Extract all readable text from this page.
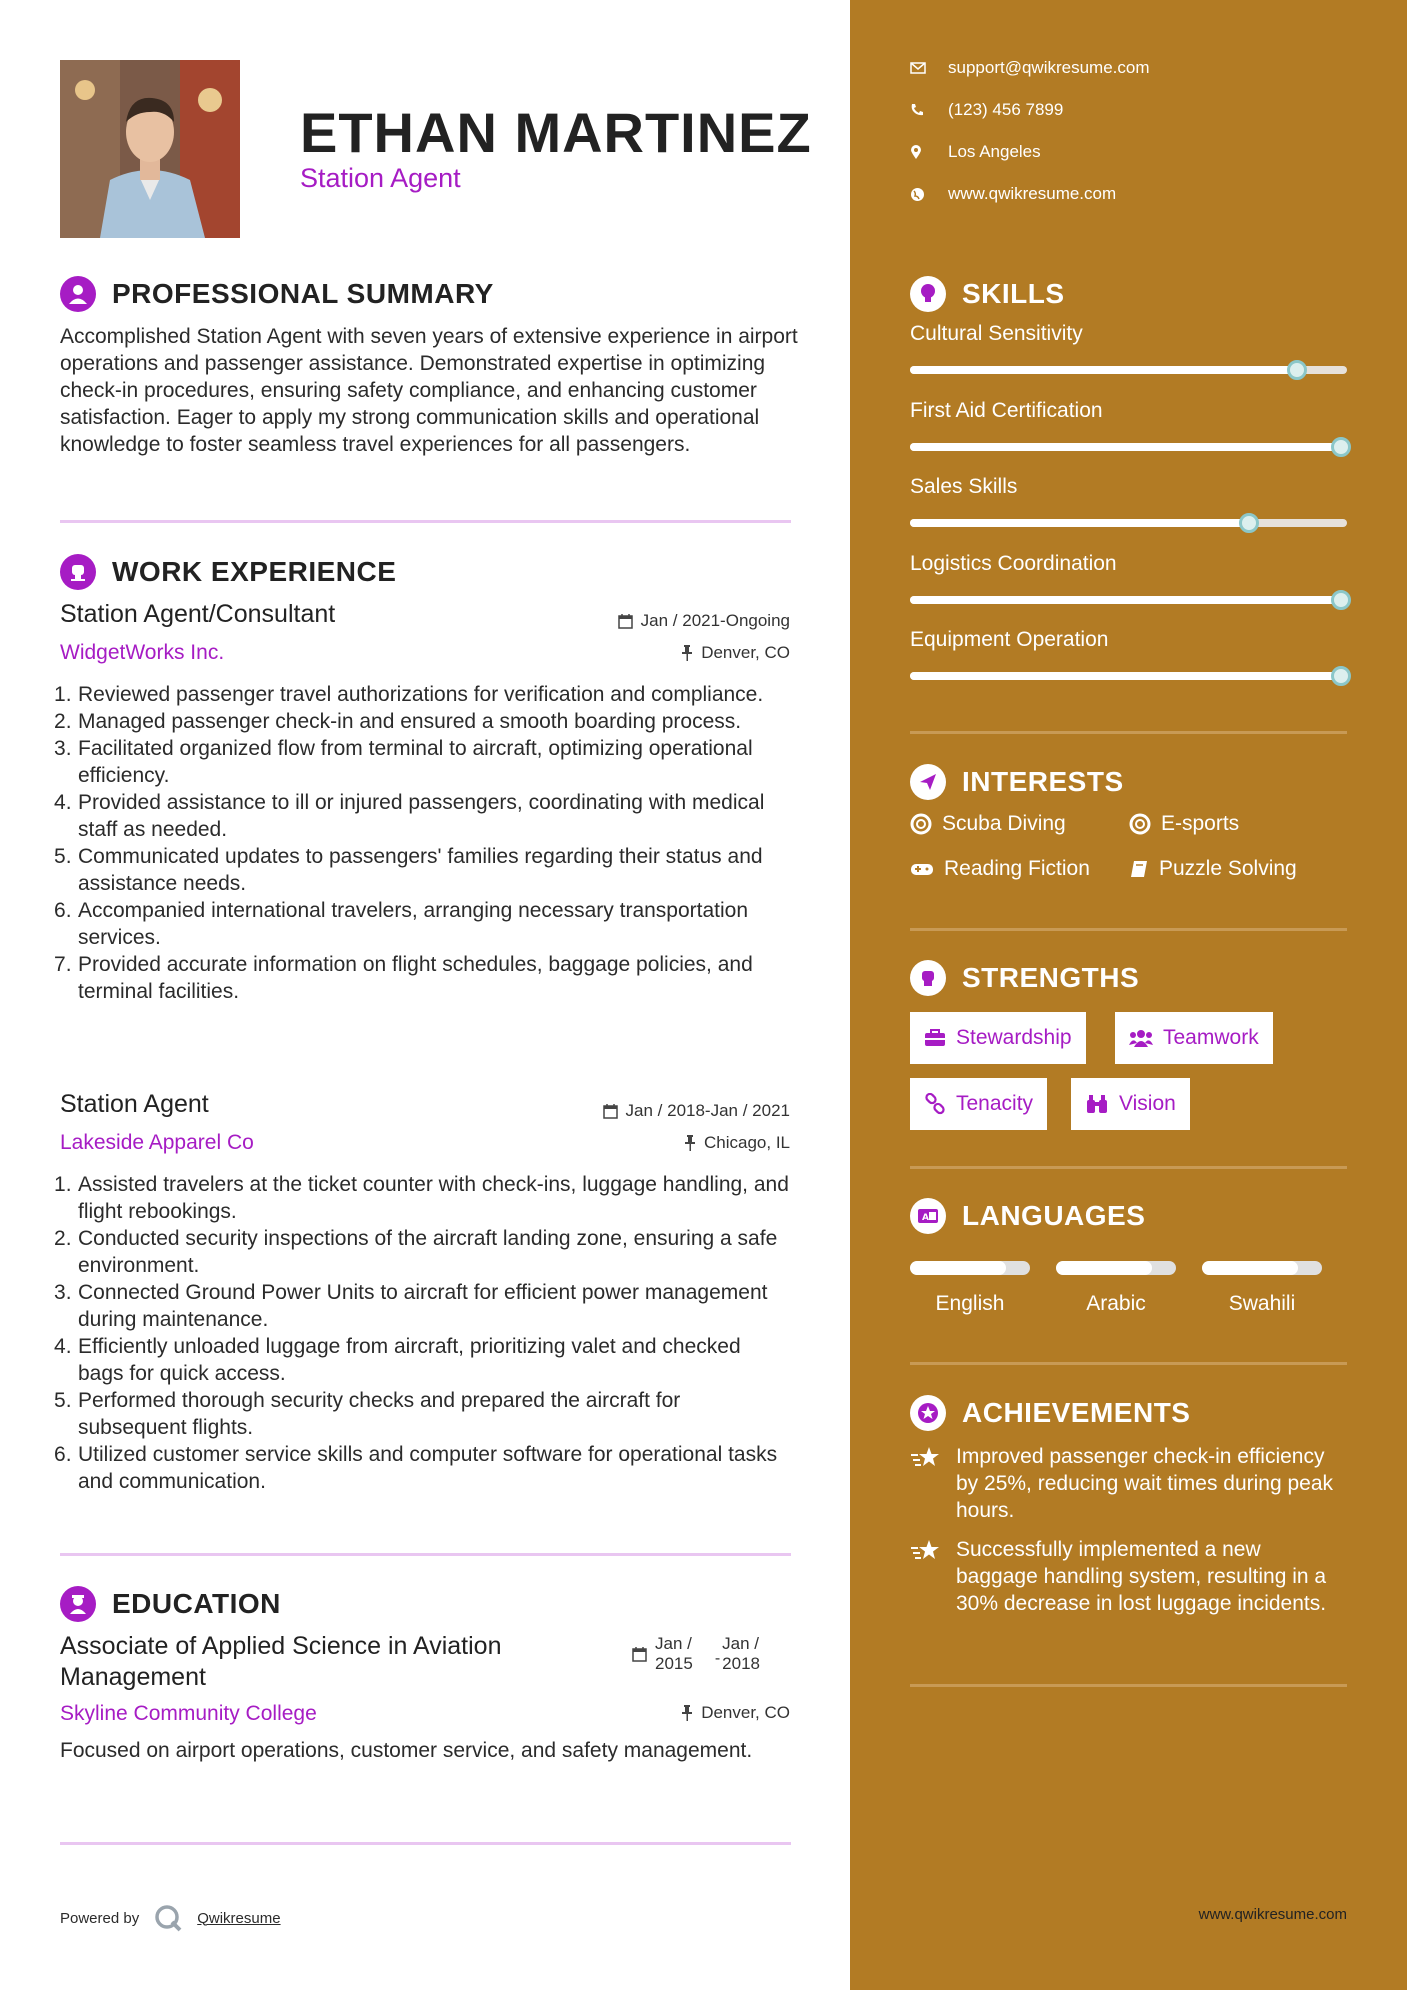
ETHAN MARTINEZ
Station Agent
PROFESSIONAL SUMMARY
Accomplished Station Agent with seven years of extensive experience in airport operations and passenger assistance. Demonstrated expertise in optimizing check-in procedures, ensuring safety compliance, and enhancing customer satisfaction. Eager to apply my strong communication skills and operational knowledge to foster seamless travel experiences for all passengers.
WORK EXPERIENCE
Station Agent/Consultant	Jan / 2021-Ongoing
WidgetWorks Inc.	Denver, CO
Reviewed passenger travel authorizations for verification and compliance.
Managed passenger check-in and ensured a smooth boarding process.
Facilitated organized flow from terminal to aircraft, optimizing operational efficiency.
Provided assistance to ill or injured passengers, coordinating with medical staff as needed.
Communicated updates to passengers' families regarding their status and assistance needs.
Accompanied international travelers, arranging necessary transportation services.
Provided accurate information on flight schedules, baggage policies, and terminal facilities.
Station Agent	Jan / 2018-Jan / 2021
Lakeside Apparel Co	Chicago, IL
Assisted travelers at the ticket counter with check-ins, luggage handling, and flight rebookings.
Conducted security inspections of the aircraft landing zone, ensuring a safe environment.
Connected Ground Power Units to aircraft for efficient power management during maintenance.
Efficiently unloaded luggage from aircraft, prioritizing valet and checked bags for quick access.
Performed thorough security checks and prepared the aircraft for subsequent flights.
Utilized customer service skills and computer software for operational tasks and communication.
EDUCATION
Associate of Applied Science in Aviation Management
Jan /
2015 -
Jan /
2018
Skyline Community College	Denver, CO
Focused on airport operations, customer service, and safety management.
Powered by	Qwikresume
support@qwikresume.com
(123) 456 7899
Los Angeles
www.qwikresume.com
SKILLS
Cultural Sensitivity
First Aid Certification
Sales Skills
Logistics Coordination
Equipment Operation
INTERESTS
Scuba Diving	E-sports
Reading Fiction	Puzzle Solving
STRENGTHS
Stewardship	Teamwork
Tenacity	Vision
A LANGUAGES
English	Arabic	Swahili
ACHIEVEMENTS
Improved passenger check-in efficiency by 25%, reducing wait times during peak hours.
Successfully implemented a new baggage handling system, resulting in a 30% decrease in lost luggage incidents.
www.qwikresume.com
